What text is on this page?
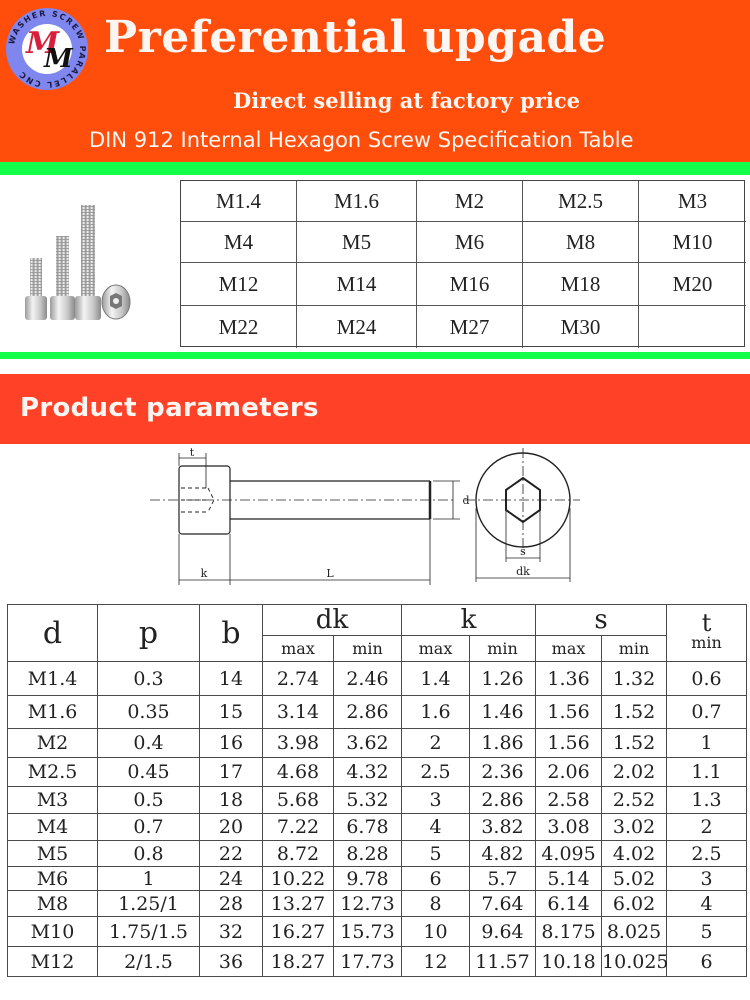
WASHER SCREW PARALLEL CNC
M
M Preferential upgade
Direct selling at factory price
DIN 912 Internal Hexagon Screw Specification Table
M1.4	M1.6	M2	M2.5	M3
M4	M5	M6	M8	M10
M12	M14	M16	M18	M20
M22	M24	M27	M30
Product parameters
t
d
k	L
s
dk
d	p	b	dk		k		s		t
min

			max	min	max	min	max	min	
M1.4	0.3	14	2.74	2.46	1.4	1.26	1.36	1.32	0.6
M1.6	0.35	15	3.14	2.86	1.6	1.46	1.56	1.52	0.7
M2	0.4	16	3.98	3.62	2	1.86	1.56	1.52	1
M2.5	0.45	17	4.68	4.32	2.5	2.36	2.06	2.02	1.1
M3	0.5	18	5.68	5.32	3	2.86	2.58	2.52	1.3
M4	0.7	20	7.22	6.78	4	3.82	3.08	3.02	2
M5	0.8	22	8.72	8.28	5	4.82	4.095	4.02	2.5
M6	1	24	10.22	9.78	6	5.7	5.14	5.02	3
M8	1.25/1	28	13.27	12.73	8	7.64	6.14	6.02	4
M10	1.75/1.5	32	16.27	15.73	10	9.64	8.175	8.025	5
M12	2/1.5	36	18.27	17.73	12	11.57	10.18	10.025	6
